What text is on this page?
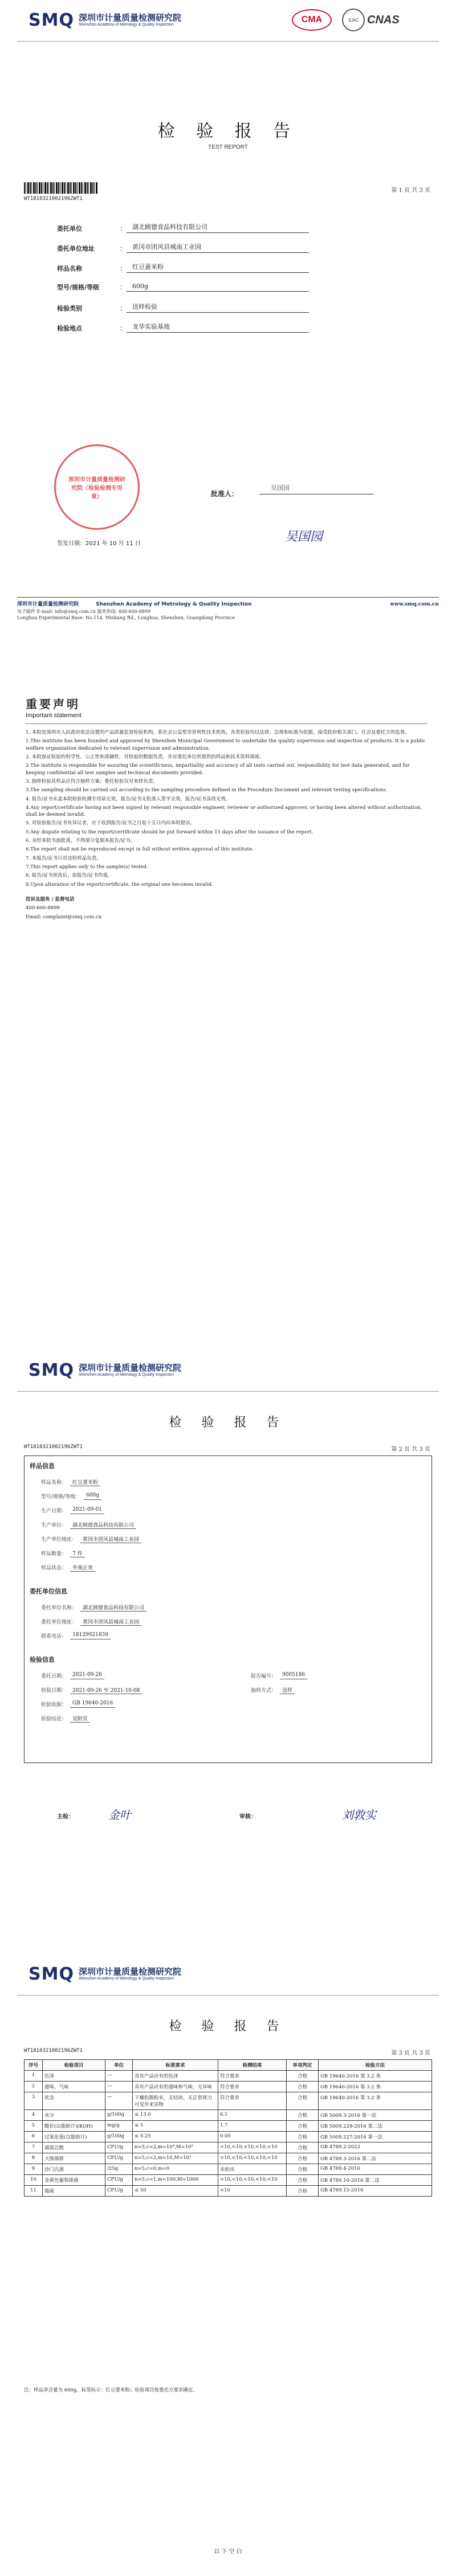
SMQ 深圳市计量质量检测研究院
Shenzhen Academy of Metrology & Quality Inspection
CMA	ILAC CNAS
检 验 报 告
TEST REPORT
WT1810321002196ZWT1
第 1 页 共 3 页
委托单位	： 湖北顾德食品科技有限公司
委托单位地址	： 黄冈市团风县城南工业园
样品名称	： 红豆薏米粉
型号/规格/等级	： 600g
检验类别	： 送样检验
检验地点	： 龙华实验基地
深圳市计量质量检测研究院（检验检测专用章）	批准人：
吴国园
吴国园
签发日期：2021 年 10 月 11 日
深圳市计量质量检测研究院	Shenzhen Academy of Metrology & Quality Inspection	www.smq.com.cn
电子邮件 E-mail: info@smq.com.cn 服务热线: 400-600-8899
Longhua Experimental Base: No.114, Minkang Rd., Longhua, Shenzhen, Guangdong Province
重要声明
Important statement

1. 本院是深圳市人民政府依法设置的产品质量监督检验机构，系社会公益型非营利性技术机构，各类检验均以法律、法规和标准为依据，接受政府相关部门、社会及委托方的监督。

1.This institute has been founded and approved by Shenzhen Municipal Government to undertake the quality supervision and inspection of products. It is a public welfare organization dedicated to relevant supervision and administration.

2. 本院保证检验的科学性、公正性和准确性，对检验的数据负责，并对委托单位所提供的样品和技术资料保密。

2.The institute is responsible for assuring the scientificness, impartiality and accuracy of all tests carried out, responsibility for test data generated, and for keeping confidential all test samples and technical documents provided.

3. 抽样检验其样品应符合抽样方案；委托检验仅对来样负责。

3.The sampling should be carried out according to the sampling procedure defined in the Procedure Document and relevant testing specifications.

4. 报告/证书未盖本院检验检测专用章无效，报告/证书无批准人签字无效，报告/证书涂改无效。

4.Any report/certificate having not been signed by relevant responsible engineer, reviewer or authorized approver, or having been altered without authorization, shall be deemed invalid.

5. 对检验报告/证书有异议者，应于收到报告/证书之日起十五日内向本院提出。

5.Any dispute relating to the report/certificate should be put forward within 15 days after the issuance of the report.

6. 未经本院书面批准，不得部分复制本报告/证书。

6.The report shall not be reproduced except in full without written approval of this institute.

7. 本报告/证书只对送检样品负责。

7.This report applies only to the sample(s) tested.

8. 报告/证书更改后，原报告/证书作废。

8.Upon alteration of the report/certificate, the original one becomes invalid.

投诉及服务 / 监督电话

400-600-8899

Email: complaint@smq.com.cn

SMQ 深圳市计量质量检测研究院
Shenzhen Academy of Metrology & Quality Inspection
检 验 报 告
WT1810321002196ZWT1	第 2 页 共 3 页
样品信息
样品名称：	红豆薏米粉
型号/规格/等级：	600g
生产日期：	2021-09-01
生产单位：	湖北顾德食品科技有限公司
生产单位地址：	黄冈市团风县城南工业园
样品数量：	7 件
样品状态：	外观正常
委托单位信息
委托单位名称：	湖北顾德食品科技有限公司
委托单位地址：	黄冈市团风县城南工业园
联系电话：	18129921839
检验信息
委托日期：	2021-09-26
检验日期：	2021-09-26 至 2021-10-08
检验依据：	GB 19640-2016
检验结论：	见附页
报告编号：	9005186
抽样方式：	送样
主检：	金叶	审核：	刘敦实
SMQ 深圳市计量质量检测研究院
Shenzhen Academy of Metrology & Quality Inspection
检 验 报 告
WT1810321002196ZWT1	第 3 页 共 3 页
序号	检验项目	单位	标准要求	检测结果	单项判定	检验方法
1	色泽	—	具有产品应有的色泽	符合要求	合格	GB 19640-2016 第 3.2 条
2	滋味、气味	—	具有产品应有的滋味和气味，无异味	符合要求	合格	GB 19640-2016 第 3.2 条
3	状态	—	干燥松散粉末，无结块，无正常视力可见外来异物	符合要求	合格	GB 19640-2016 第 3.2 条
4	水分	g/100g	≤ 13.0	6.1	合格	GB 5009.3-2016 第一法
5	酸价(以脂肪计)(KOH)	mg/g	≤ 5	1.7	合格	GB 5009.229-2016 第二法
6	过氧化值(以脂肪计)	g/100g	≤ 0.25	0.05	合格	GB 5009.227-2016 第一法
7	菌落总数	CFU/g	n=5,c=2,m=10⁴,M=10⁵	<10,<10,<10,<10,<10	合格	GB 4789.2-2022
8	大肠菌群	CFU/g	n=5,c=2,m=10,M=10²	<10,<10,<10,<10,<10	合格	GB 4789.3-2016 第二法
9	沙门氏菌	/25g	n=5,c=0,m=0	未检出	合格	GB 4789.4-2016
10	金黄色葡萄球菌	CFU/g	n=5,c=1,m=100,M=1000	<10,<10,<10,<10,<10	合格	GB 4789.10-2016 第二法
11	霉菌	CFU/g	≤ 50	<10	合格	GB 4789.15-2016
注：样品净含量为 600g，标签标示：红豆薏米粉；检验项目按委托方要求确定。
以 下 空 白
